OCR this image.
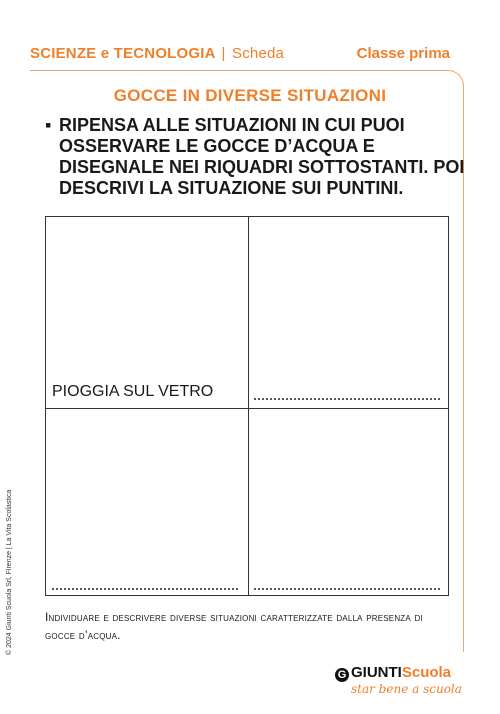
SCIENZE e TECNOLOGIA | Scheda	Classe prima
GOCCE IN DIVERSE SITUAZIONI
▪ RIPENSA ALLE SITUAZIONI IN CUI PUOI OSSERVARE LE GOCCE D’ACQUA E DISEGNALE NEI RIQUADRI SOTTOSTANTI. POI DESCRIVI LA SITUAZIONE SUI PUNTINI.
PIOGGIA SUL VETRO
Individuare e descrivere diverse situazioni caratterizzate dalla presenza di gocce d’acqua.
© 2024 Giunti Scuola Srl, Firenze | La Vita Scolastica
G GIUNTIScuola
star bene a scuola
